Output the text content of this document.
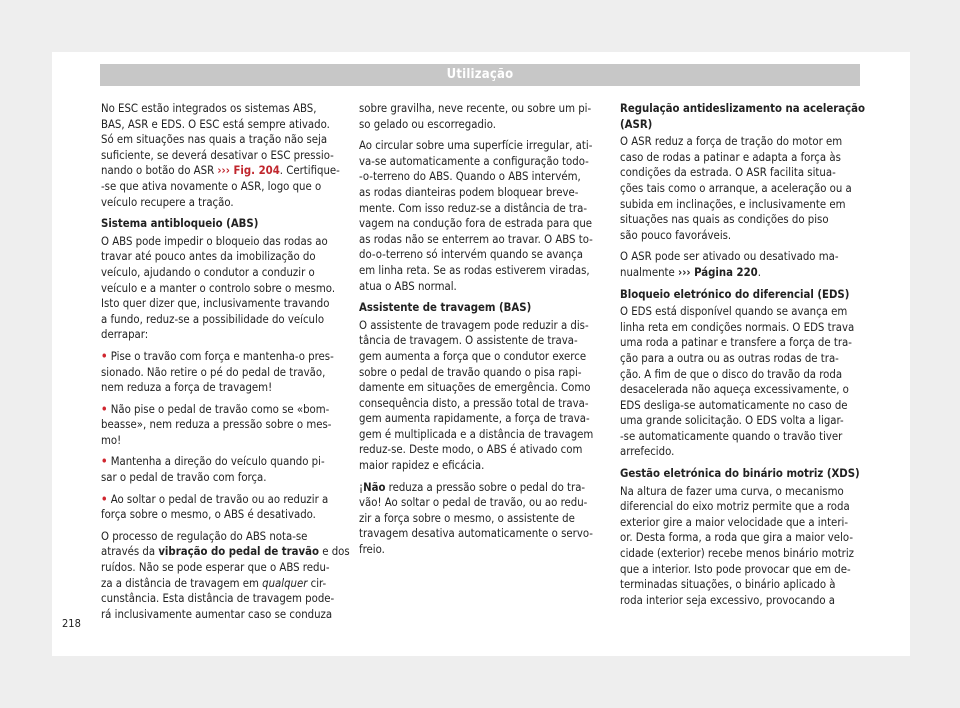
Utilização

No ESC estão integrados os sistemas ABS,
BAS, ASR e EDS. O ESC está sempre ativado.
Só em situações nas quais a tração não seja
suficiente, se deverá desativar o ESC pressio-
nando o botão do ASR ››› Fig. 204. Certifique-
-se que ativa novamente o ASR, logo que o
veículo recupere a tração.

Sistema antibloqueio (ABS)

O ABS pode impedir o bloqueio das rodas ao
travar até pouco antes da imobilização do
veículo, ajudando o condutor a conduzir o
veículo e a manter o controlo sobre o mesmo.
Isto quer dizer que, inclusivamente travando
a fundo, reduz-se a possibilidade do veículo
derrapar:

• Pise o travão com força e mantenha-o pres-
sionado. Não retire o pé do pedal de travão,
nem reduza a força de travagem!

• Não pise o pedal de travão como se «bom-
beasse», nem reduza a pressão sobre o mes-
mo!

• Mantenha a direção do veículo quando pi-
sar o pedal de travão com força.

• Ao soltar o pedal de travão ou ao reduzir a
força sobre o mesmo, o ABS é desativado.

O processo de regulação do ABS nota-se
através da vibração do pedal de travão e dos
ruídos. Não se pode esperar que o ABS redu-
za a distância de travagem em qualquer cir-
cunstância. Esta distância de travagem pode-
rá inclusivamente aumentar caso se conduza

sobre gravilha, neve recente, ou sobre um pi-
so gelado ou escorregadio.

Ao circular sobre uma superfície irregular, ati-
va-se automaticamente a configuração todo-
-o-terreno do ABS. Quando o ABS intervém,
as rodas dianteiras podem bloquear breve-
mente. Com isso reduz-se a distância de tra-
vagem na condução fora de estrada para que
as rodas não se enterrem ao travar. O ABS to-
do-o-terreno só intervém quando se avança
em linha reta. Se as rodas estiverem viradas,
atua o ABS normal.

Assistente de travagem (BAS)

O assistente de travagem pode reduzir a dis-
tância de travagem. O assistente de trava-
gem aumenta a força que o condutor exerce
sobre o pedal de travão quando o pisa rapi-
damente em situações de emergência. Como
consequência disto, a pressão total de trava-
gem aumenta rapidamente, a força de trava-
gem é multiplicada e a distância de travagem
reduz-se. Deste modo, o ABS é ativado com
maior rapidez e eficácia.

¡Não reduza a pressão sobre o pedal do tra-
vão! Ao soltar o pedal de travão, ou ao redu-
zir a força sobre o mesmo, o assistente de
travagem desativa automaticamente o servo-
freio.

Regulação antideslizamento na aceleração
(ASR)

O ASR reduz a força de tração do motor em
caso de rodas a patinar e adapta a força às
condições da estrada. O ASR facilita situa-
ções tais como o arranque, a aceleração ou a
subida em inclinações, e inclusivamente em
situações nas quais as condições do piso
são pouco favoráveis.

O ASR pode ser ativado ou desativado ma-
nualmente ››› Página 220.

Bloqueio eletrónico do diferencial (EDS)

O EDS está disponível quando se avança em
linha reta em condições normais. O EDS trava
uma roda a patinar e transfere a força de tra-
ção para a outra ou as outras rodas de tra-
ção. A fim de que o disco do travão da roda
desacelerada não aqueça excessivamente, o
EDS desliga-se automaticamente no caso de
uma grande solicitação. O EDS volta a ligar-
-se automaticamente quando o travão tiver
arrefecido.

Gestão eletrónica do binário motriz (XDS)

Na altura de fazer uma curva, o mecanismo
diferencial do eixo motriz permite que a roda
exterior gire a maior velocidade que a interi-
or. Desta forma, a roda que gira a maior velo-
cidade (exterior) recebe menos binário motriz
que a interior. Isto pode provocar que em de-
terminadas situações, o binário aplicado à
roda interior seja excessivo, provocando a

218
